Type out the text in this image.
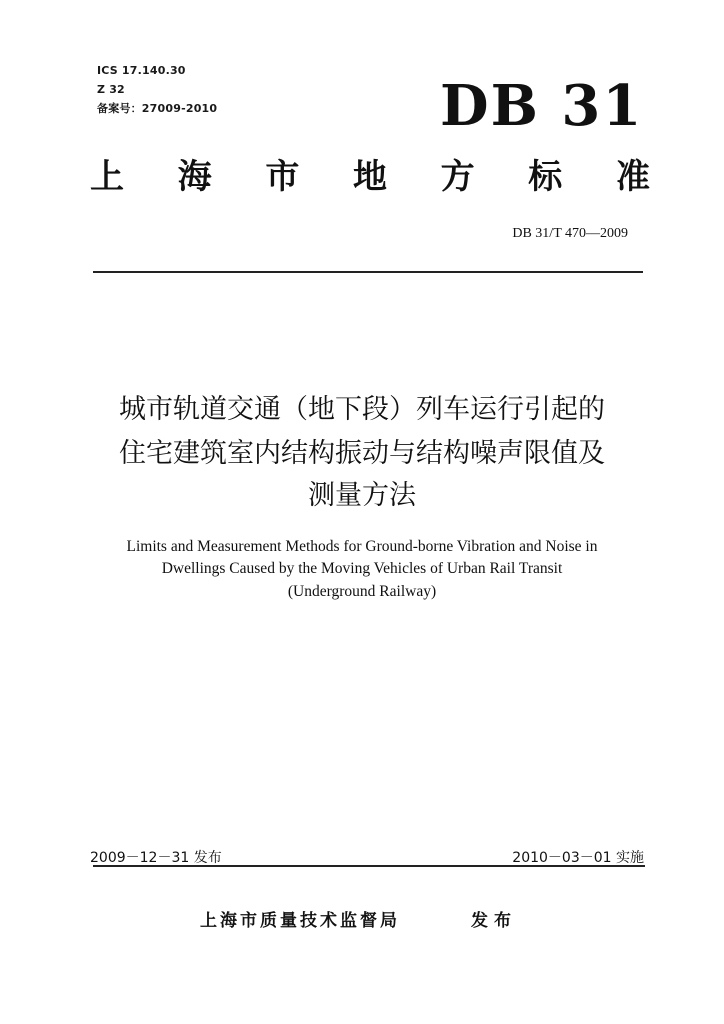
ICS 17.140.30
Z 32
备案号：27009-2010	DB 31
上 海 市 地 方 标 准
DB 31/T 470—2009
城市轨道交通（地下段）列车运行引起的
住宅建筑室内结构振动与结构噪声限值及
测量方法
Limits and Measurement Methods for Ground-borne Vibration and Noise in
Dwellings Caused by the Moving Vehicles of Urban Rail Transit
(Underground Railway)
2009－12－31 发布	2010－03－01 实施
上海市质量技术监督局	发布
